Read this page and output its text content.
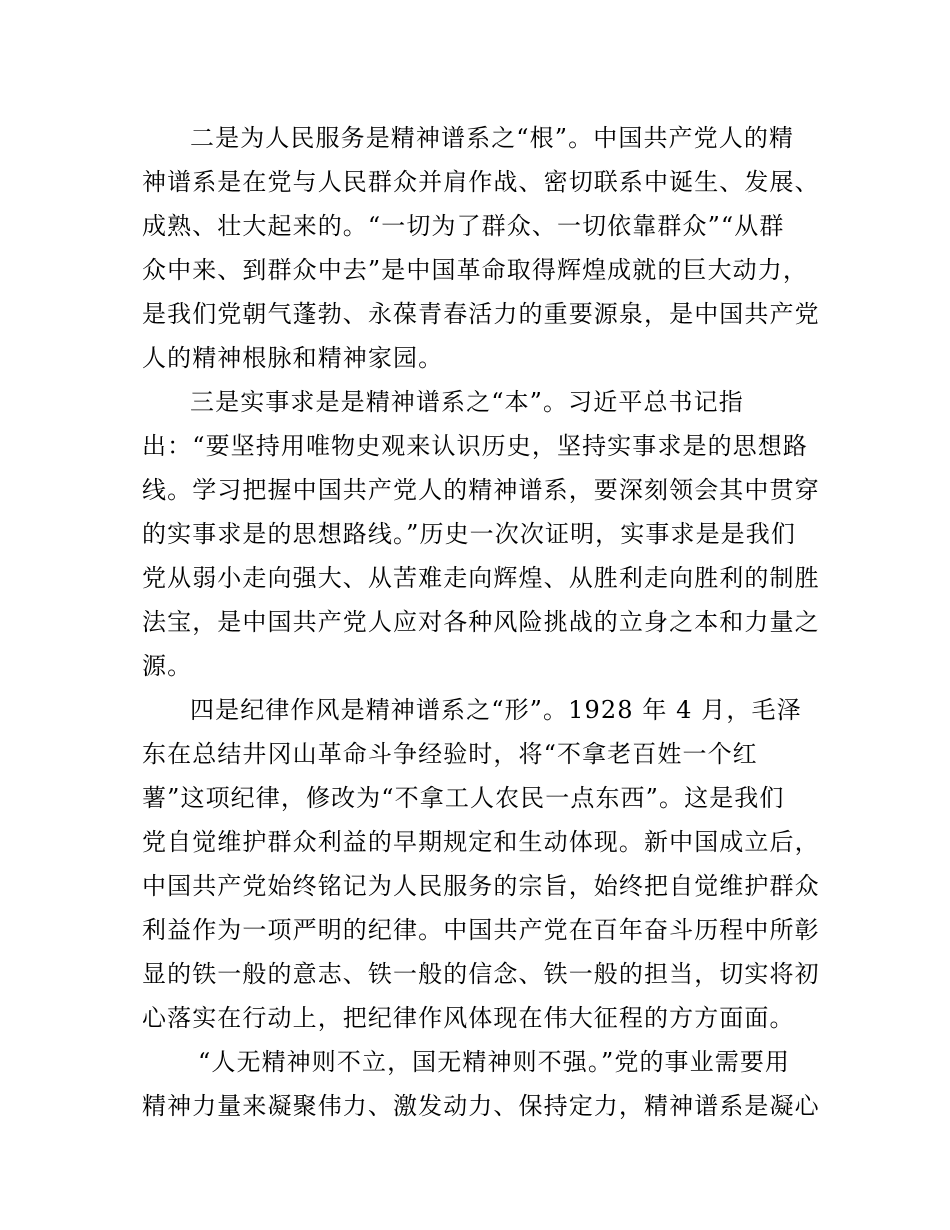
二是为人民服务是精神谱系之“根”。中国共产党人的精
神谱系是在党与人民群众并肩作战、密切联系中诞生、发展、
成熟、壮大起来的。“一切为了群众、一切依靠群众”“从群
众中来、到群众中去”是中国革命取得辉煌成就的巨大动力，
是我们党朝气蓬勃、永葆青春活力的重要源泉，是中国共产党
人的精神根脉和精神家园。
三是实事求是是精神谱系之“本”。习近平总书记指
出：“要坚持用唯物史观来认识历史，坚持实事求是的思想路
线。学习把握中国共产党人的精神谱系，要深刻领会其中贯穿
的实事求是的思想路线。”历史一次次证明，实事求是是我们
党从弱小走向强大、从苦难走向辉煌、从胜利走向胜利的制胜
法宝，是中国共产党人应对各种风险挑战的立身之本和力量之
源。
四是纪律作风是精神谱系之“形”。1928 年 4 月，毛泽
东在总结井冈山革命斗争经验时，将“不拿老百姓一个红
薯”这项纪律，修改为“不拿工人农民一点东西”。这是我们
党自觉维护群众利益的早期规定和生动体现。新中国成立后，
中国共产党始终铭记为人民服务的宗旨，始终把自觉维护群众
利益作为一项严明的纪律。中国共产党在百年奋斗历程中所彰
显的铁一般的意志、铁一般的信念、铁一般的担当，切实将初
心落实在行动上，把纪律作风体现在伟大征程的方方面面。
“人无精神则不立，国无精神则不强。”党的事业需要用
精神力量来凝聚伟力、激发动力、保持定力，精神谱系是凝心
